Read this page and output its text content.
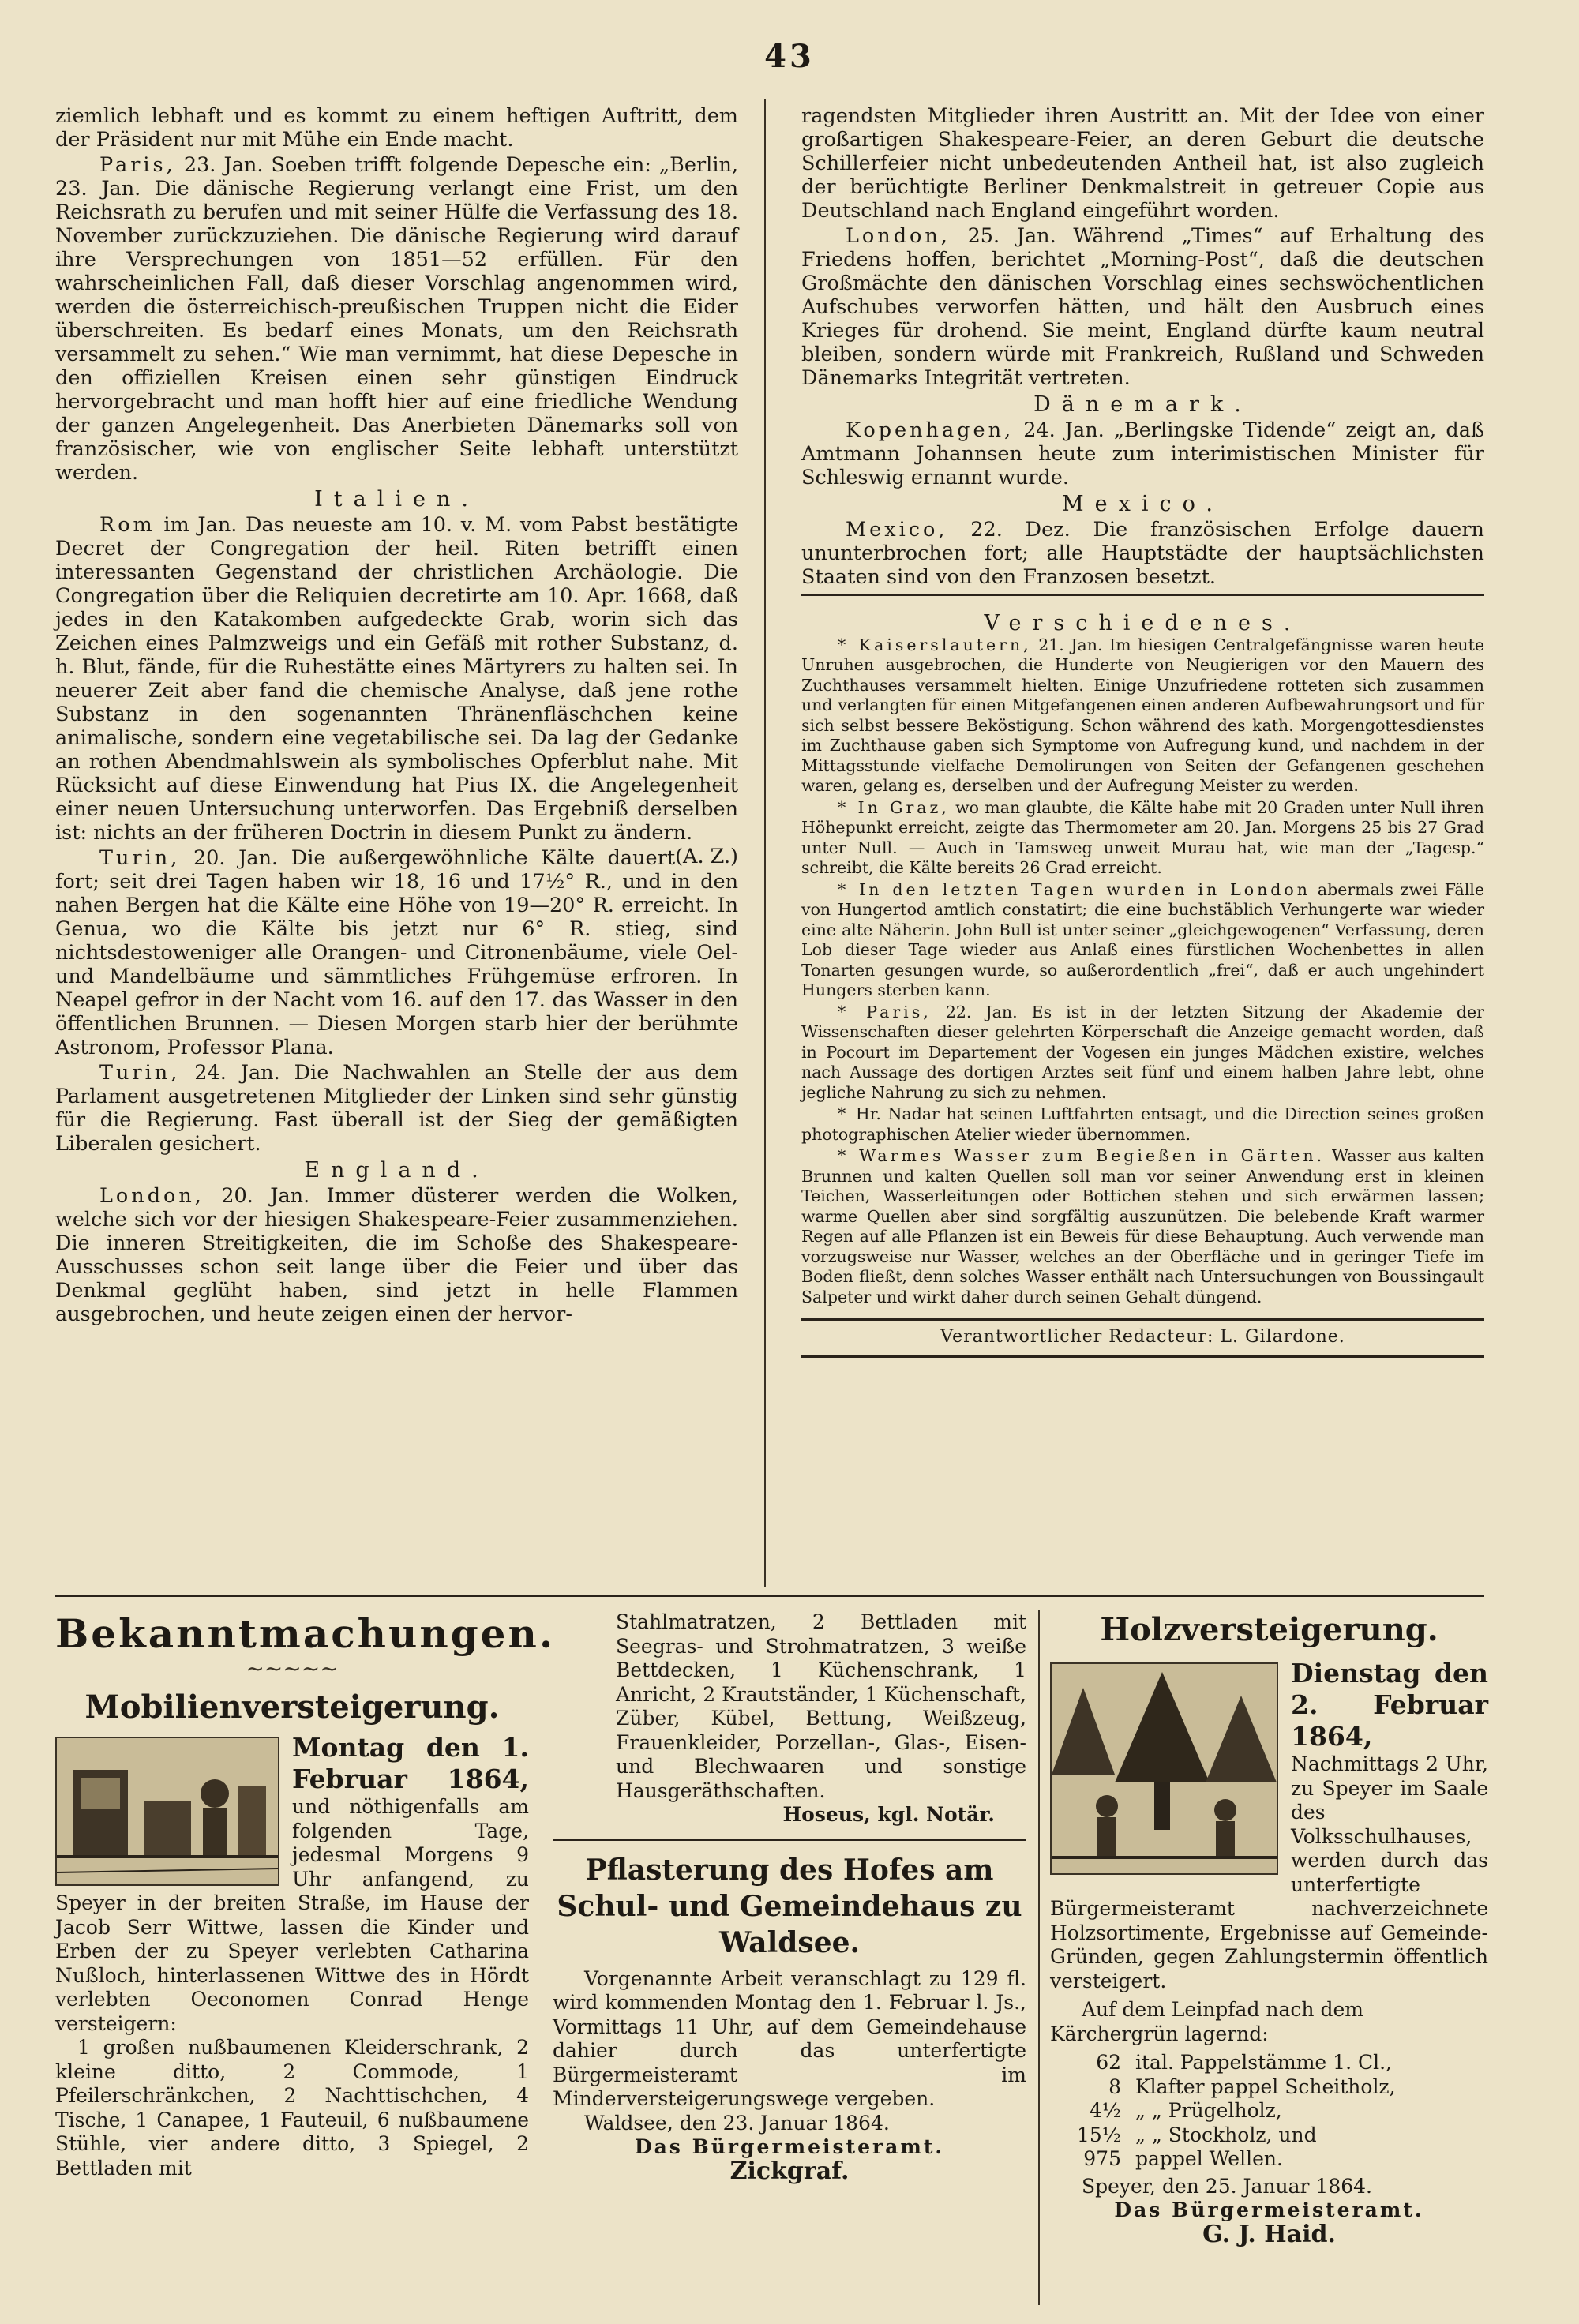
43

ziemlich lebhaft und es kommt zu einem heftigen Auftritt, dem der Präsident nur mit Mühe ein Ende macht.

Paris, 23. Jan. Soeben trifft folgende Depesche ein: „Berlin, 23. Jan. Die dänische Regierung verlangt eine Frist, um den Reichsrath zu berufen und mit seiner Hülfe die Verfassung des 18. November zurückzuziehen. Die dänische Regierung wird darauf ihre Versprechungen von 1851—52 erfüllen. Für den wahrscheinlichen Fall, daß dieser Vorschlag angenommen wird, werden die österreichisch-preußischen Truppen nicht die Eider überschreiten. Es bedarf eines Monats, um den Reichsrath versammelt zu sehen.“ Wie man vernimmt, hat diese Depesche in den offiziellen Kreisen einen sehr günstigen Eindruck hervorgebracht und man hofft hier auf eine friedliche Wendung der ganzen Angelegenheit. Das Anerbieten Dänemarks soll von französischer, wie von englischer Seite lebhaft unterstützt werden.

Italien.

Rom im Jan. Das neueste am 10. v. M. vom Pabst bestätigte Decret der Congregation der heil. Riten betrifft einen interessanten Gegenstand der christlichen Archäologie. Die Congregation über die Reliquien decretirte am 10. Apr. 1668, daß jedes in den Katakomben aufgedeckte Grab, worin sich das Zeichen eines Palmzweigs und ein Gefäß mit rother Substanz, d. h. Blut, fände, für die Ruhestätte eines Märtyrers zu halten sei. In neuerer Zeit aber fand die chemische Analyse, daß jene rothe Substanz in den sogenannten Thränenfläschchen keine animalische, sondern eine vegetabilische sei. Da lag der Gedanke an rothen Abendmahlswein als symbolisches Opferblut nahe. Mit Rücksicht auf diese Einwendung hat Pius IX. die Angelegenheit einer neuen Untersuchung unterworfen. Das Ergebniß derselben ist: nichts an der früheren Doctrin in diesem Punkt zu ändern.
(A. Z.)

Turin, 20. Jan. Die außergewöhnliche Kälte dauert fort; seit drei Tagen haben wir 18, 16 und 17½° R., und in den nahen Bergen hat die Kälte eine Höhe von 19—20° R. erreicht. In Genua, wo die Kälte bis jetzt nur 6° R. stieg, sind nichtsdestoweniger alle Orangen- und Citronenbäume, viele Oel- und Mandelbäume und sämmtliches Frühgemüse erfroren. In Neapel gefror in der Nacht vom 16. auf den 17. das Wasser in den öffentlichen Brunnen. — Diesen Morgen starb hier der berühmte Astronom, Professor Plana.

Turin, 24. Jan. Die Nachwahlen an Stelle der aus dem Parlament ausgetretenen Mitglieder der Linken sind sehr günstig für die Regierung. Fast überall ist der Sieg der gemäßigten Liberalen gesichert.

England.

London, 20. Jan. Immer düsterer werden die Wolken, welche sich vor der hiesigen Shakespeare-Feier zusammenziehen. Die inneren Streitigkeiten, die im Schoße des Shakespeare-Ausschusses schon seit lange über die Feier und über das Denkmal geglüht haben, sind jetzt in helle Flammen ausgebrochen, und heute zeigen einen der hervor-

ragendsten Mitglieder ihren Austritt an. Mit der Idee von einer großartigen Shakespeare-Feier, an deren Geburt die deutsche Schillerfeier nicht unbedeutenden Antheil hat, ist also zugleich der berüchtigte Berliner Denkmalstreit in getreuer Copie aus Deutschland nach England eingeführt worden.

London, 25. Jan. Während „Times“ auf Erhaltung des Friedens hoffen, berichtet „Morning-Post“, daß die deutschen Großmächte den dänischen Vorschlag eines sechswöchentlichen Aufschubes verworfen hätten, und hält den Ausbruch eines Krieges für drohend. Sie meint, England dürfte kaum neutral bleiben, sondern würde mit Frankreich, Rußland und Schweden Dänemarks Integrität vertreten.

Dänemark.

Kopenhagen, 24. Jan. „Berlingske Tidende“ zeigt an, daß Amtmann Johannsen heute zum interimistischen Minister für Schleswig ernannt wurde.

Mexico.

Mexico, 22. Dez. Die französischen Erfolge dauern ununterbrochen fort; alle Hauptstädte der hauptsächlichsten Staaten sind von den Franzosen besetzt.

Verschiedenes.

* Kaiserslautern, 21. Jan. Im hiesigen Centralgefängnisse waren heute Unruhen ausgebrochen, die Hunderte von Neugierigen vor den Mauern des Zuchthauses versammelt hielten. Einige Unzufriedene rotteten sich zusammen und verlangten für einen Mitgefangenen einen anderen Aufbewahrungsort und für sich selbst bessere Beköstigung. Schon während des kath. Morgengottesdienstes im Zuchthause gaben sich Symptome von Aufregung kund, und nachdem in der Mittagsstunde vielfache Demolirungen von Seiten der Gefangenen geschehen waren, gelang es, derselben und der Aufregung Meister zu werden.

* In Graz, wo man glaubte, die Kälte habe mit 20 Graden unter Null ihren Höhepunkt erreicht, zeigte das Thermometer am 20. Jan. Morgens 25 bis 27 Grad unter Null. — Auch in Tamsweg unweit Murau hat, wie man der „Tagesp.“ schreibt, die Kälte bereits 26 Grad erreicht.

* In den letzten Tagen wurden in London abermals zwei Fälle von Hungertod amtlich constatirt; die eine buchstäblich Verhungerte war wieder eine alte Näherin. John Bull ist unter seiner „gleichgewogenen“ Verfassung, deren Lob dieser Tage wieder aus Anlaß eines fürstlichen Wochenbettes in allen Tonarten gesungen wurde, so außerordentlich „frei“, daß er auch ungehindert Hungers sterben kann.

* Paris, 22. Jan. Es ist in der letzten Sitzung der Akademie der Wissenschaften dieser gelehrten Körperschaft die Anzeige gemacht worden, daß in Pocourt im Departement der Vogesen ein junges Mädchen existire, welches nach Aussage des dortigen Arztes seit fünf und einem halben Jahre lebt, ohne jegliche Nahrung zu sich zu nehmen.

* Hr. Nadar hat seinen Luftfahrten entsagt, und die Direction seines großen photographischen Atelier wieder übernommen.

* Warmes Wasser zum Begießen in Gärten. Wasser aus kalten Brunnen und kalten Quellen soll man vor seiner Anwendung erst in kleinen Teichen, Wasserleitungen oder Bottichen stehen und sich erwärmen lassen; warme Quellen aber sind sorgfältig auszunützen. Die belebende Kraft warmer Regen auf alle Pflanzen ist ein Beweis für diese Behauptung. Auch verwende man vorzugsweise nur Wasser, welches an der Oberfläche und in geringer Tiefe im Boden fließt, denn solches Wasser enthält nach Untersuchungen von Boussingault Salpeter und wirkt daher durch seinen Gehalt düngend.

Verantwortlicher Redacteur: L. Gilardone.
Bekanntmachungen.
~~~~~
Mobilienversteigerung.
Montag den 1. Februar 1864, und nöthigenfalls am folgenden Tage, jedesmal Morgens 9 Uhr anfangend, zu Speyer in der breiten Straße, im Hause der Jacob Serr Wittwe, lassen die Kinder und Erben der zu Speyer verlebten Catharina Nußloch, hinterlassenen Wittwe des in Hördt verlebten Oeconomen Conrad Henge versteigern:
1 großen nußbaumenen Kleiderschrank, 2 kleine ditto, 2 Commode, 1 Pfeilerschränkchen, 2 Nachttischchen, 4 Tische, 1 Canapee, 1 Fauteuil, 6 nußbaumene Stühle, vier andere ditto, 3 Spiegel, 2 Bettladen mit
Stahlmatratzen, 2 Bettladen mit Seegras- und Strohmatratzen, 3 weiße Bettdecken, 1 Küchenschrank, 1 Anricht, 2 Krautständer, 1 Küchenschaft, Züber, Kübel, Bettung, Weißzeug, Frauenkleider, Porzellan-, Glas-, Eisen- und Blechwaaren und sonstige Hausgeräthschaften.
Hoseus, kgl. Notär.
Pflasterung des Hofes am Schul- und Gemeindehaus zu Waldsee.
Vorgenannte Arbeit veranschlagt zu 129 fl. wird kommenden Montag den 1. Februar l. Js., Vormittags 11 Uhr, auf dem Gemeindehause dahier durch das unterfertigte Bürgermeisteramt im Minderversteigerungswege vergeben.
Waldsee, den 23. Januar 1864.
Das Bürgermeisteramt.
Zickgraf.
Holzversteigerung.
Dienstag den 2. Februar 1864, Nachmittags 2 Uhr, zu Speyer im Saale des Volksschulhauses, werden durch das unterfertigte Bürgermeisteramt nachverzeichnete Holzsortimente, Ergebnisse auf Gemeinde-Gründen, gegen Zahlungstermin öffentlich versteigert.
Auf dem Leinpfad nach dem Kärchergrün lagernd:
62 ital. Pappelstämme 1. Cl.,
8 Klafter pappel Scheitholz,
4½ „ „ Prügelholz,
15½ „ „ Stockholz, und
975 pappel Wellen.
Speyer, den 25. Januar 1864.
Das Bürgermeisteramt.
G. J. Haid.
